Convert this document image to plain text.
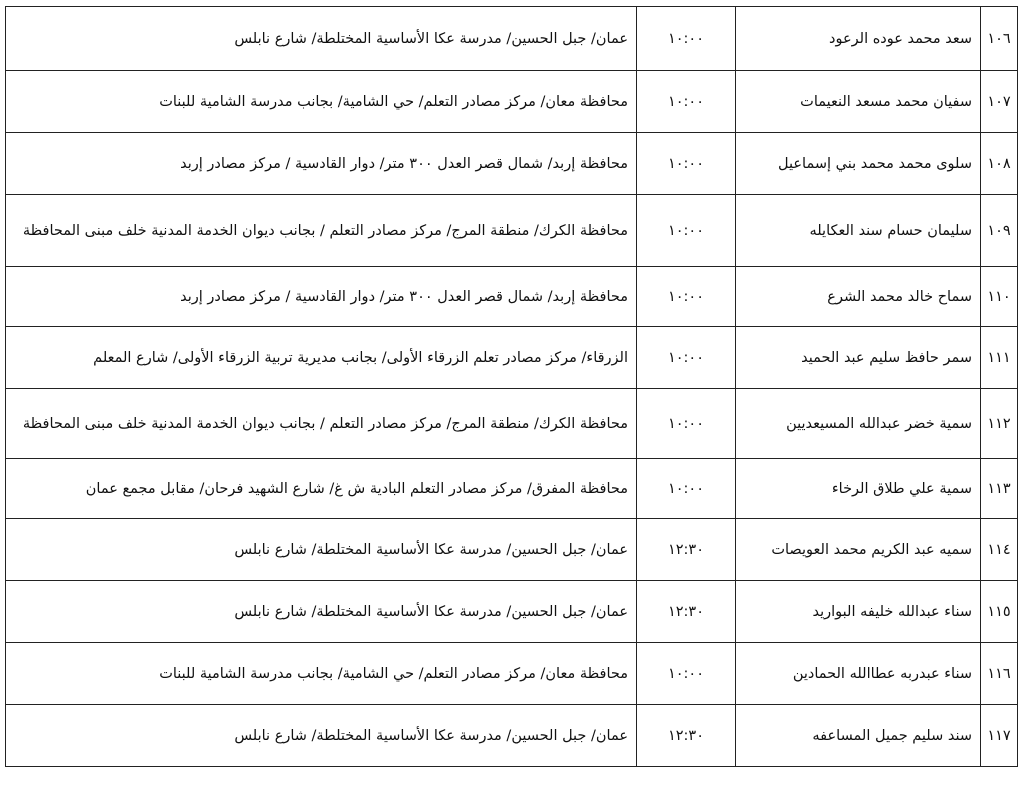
١٠٦	سعد محمد عوده الرعود	١٠:٠٠	عمان/ جبل الحسين/ مدرسة عكا الأساسية المختلطة/ شارع نابلس
١٠٧	سفيان محمد مسعد النعيمات	١٠:٠٠	محافظة معان/ مركز مصادر التعلم/ حي الشامية/ بجانب مدرسة الشامية للبنات
١٠٨	سلوى محمد محمد بني إسماعيل	١٠:٠٠	محافظة إربد/ شمال قصر العدل ٣٠٠ متر/ دوار القادسية / مركز مصادر إربد
١٠٩	سليمان حسام سند العكايله	١٠:٠٠	محافظة الكرك/ منطقة المرج/ مركز مصادر التعلم / بجانب ديوان الخدمة المدنية خلف مبنى المحافظة
١١٠	سماح خالد محمد الشرع	١٠:٠٠	محافظة إربد/ شمال قصر العدل ٣٠٠ متر/ دوار القادسية / مركز مصادر إربد
١١١	سمر حافظ سليم عبد الحميد	١٠:٠٠	الزرقاء/ مركز مصادر تعلم الزرقاء الأولى/ بجانب مديرية تربية الزرقاء الأولى/ شارع المعلم
١١٢	سمية خضر عبدالله المسيعديين	١٠:٠٠	محافظة الكرك/ منطقة المرج/ مركز مصادر التعلم / بجانب ديوان الخدمة المدنية خلف مبنى المحافظة
١١٣	سمية علي طلاق الرخاء	١٠:٠٠	محافظة المفرق/ مركز مصادر التعلم البادية ش غ/ شارع الشهيد فرحان/ مقابل مجمع عمان
١١٤	سميه عبد الكريم محمد العويصات	١٢:٣٠	عمان/ جبل الحسين/ مدرسة عكا الأساسية المختلطة/ شارع نابلس
١١٥	سناء عبدالله خليفه البواريد	١٢:٣٠	عمان/ جبل الحسين/ مدرسة عكا الأساسية المختلطة/ شارع نابلس
١١٦	سناء عبدربه عطاالله الحمادين	١٠:٠٠	محافظة معان/ مركز مصادر التعلم/ حي الشامية/ بجانب مدرسة الشامية للبنات
١١٧	سند سليم جميل المساعفه	١٢:٣٠	عمان/ جبل الحسين/ مدرسة عكا الأساسية المختلطة/ شارع نابلس
